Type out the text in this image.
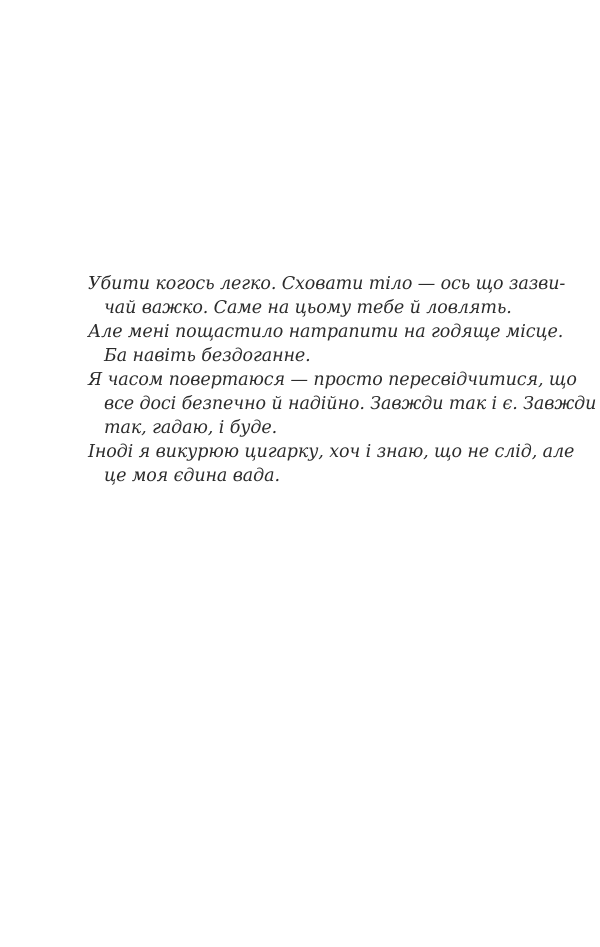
Убити когось легко. Сховати тіло — ось що зазви-
чай важко. Саме на цьому тебе й ловлять.

Але мені пощастило натрапити на годяще місце.
Ба навіть бездоганне.

Я часом повертаюся — просто пересвідчитися, що
все досі безпечно й надійно. Завжди так і є. Завжди
так, гадаю, і буде.

Іноді я викурюю цигарку, хоч і знаю, що не слід, але
це моя єдина вада.
